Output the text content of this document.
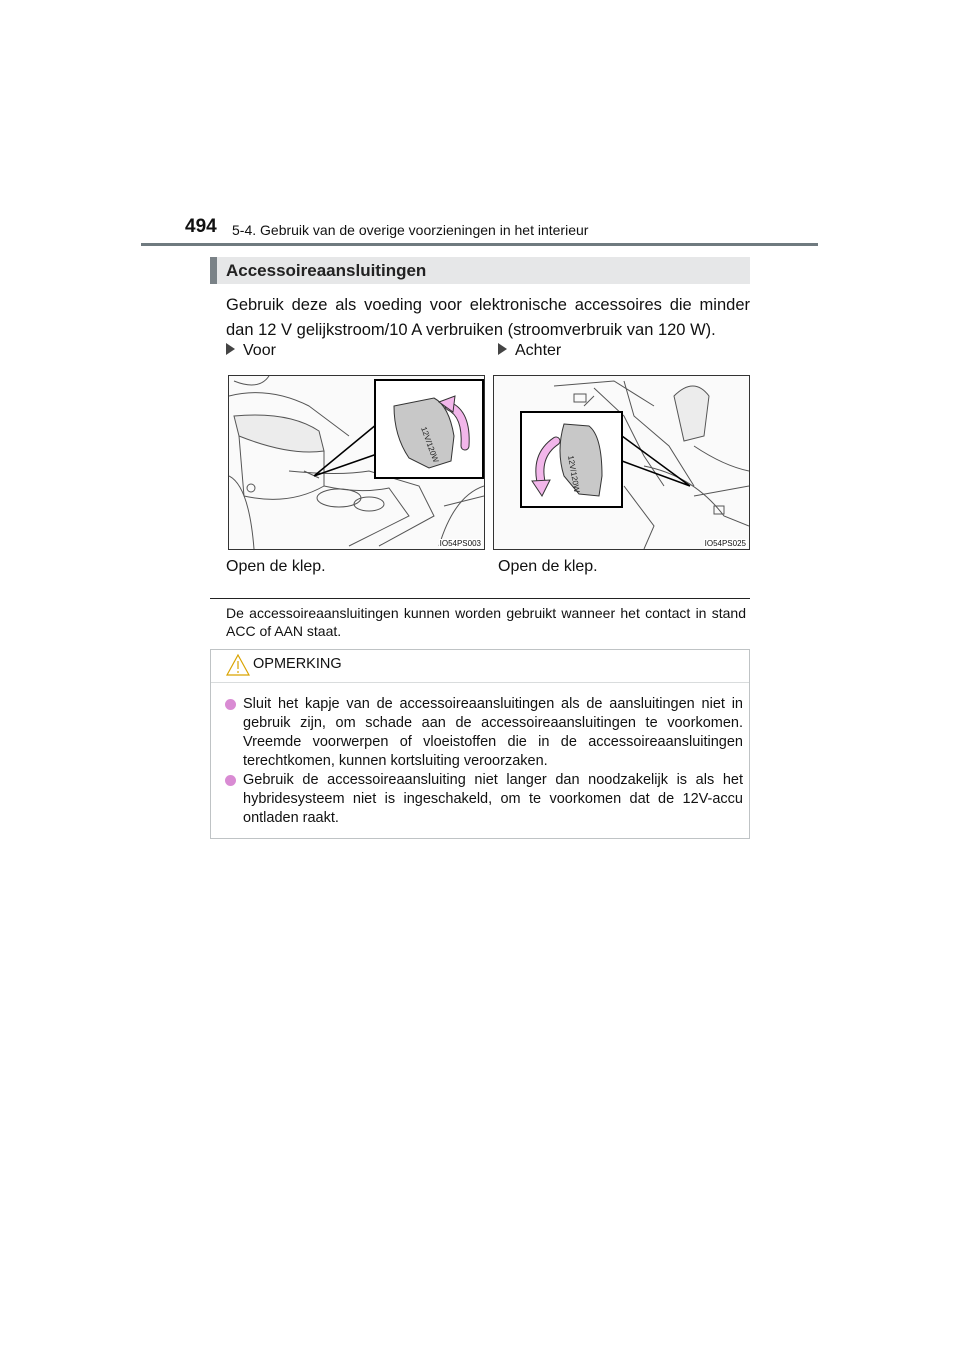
494 5-4. Gebruik van de overige voorzieningen in het interieur
Accessoireaansluitingen
Gebruik deze als voeding voor elektronische accessoires die minder dan 12 V gelijkstroom/10 A verbruiken (stroomverbruik van 120 W).
Voor
12V/120W
IO54PS003
Open de klep.
Achter
12V/120W
IO54PS025
Open de klep.
De accessoireaansluitingen kunnen worden gebruikt wanneer het contact in stand ACC of AAN staat.
OPMERKING
Sluit het kapje van de accessoireaansluitingen als de aansluitingen niet in gebruik zijn, om schade aan de accessoireaansluitingen te voorkomen. Vreemde voorwerpen of vloeistoffen die in de accessoireaansluitingen terechtkomen, kunnen kortsluiting veroorzaken.
Gebruik de accessoireaansluiting niet langer dan noodzakelijk is als het hybridesysteem niet is ingeschakeld, om te voorkomen dat de 12V-accu ontladen raakt.
